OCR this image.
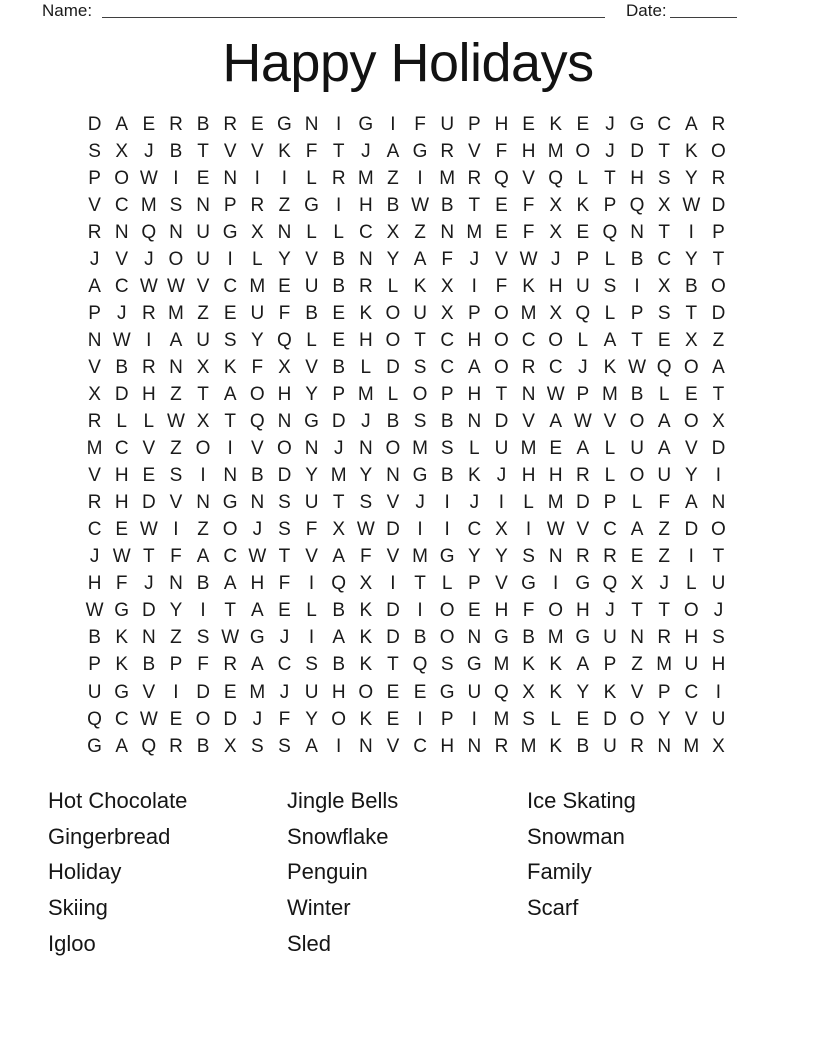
Name:	Date:
Happy Holidays
D A E R B R E G N I G I F U P H E K E J G C A R
S X J B T V V K F T J A G R V F H M O J D T K O
P O W I E N I	I	L R M Z I M R Q V Q L T H S Y R
V C M S N P R Z G I H B W B T E F X K P Q X W D
R N Q N U G X N L L C X Z N M E F X E Q N T I P
J V J O U I	L Y V B N Y A F J V W J P L B C Y T
A C W W V C M E U B R L K X I F K H U S I X B O
P J R M Z E U F B E K O U X P O M X Q L P S T D
N W I A U S Y Q L E H O T C H O C O L A T E X Z
V B R N X K F X V B L D S C A O R C J K W Q O A
X D H Z T A O H Y P M L O P H T N W P M B L E T
R L L W X T Q N G D J B S B N D V A W V O A O X
M C V Z O I V O N J N O M S L U M E A L U A V D
V H E S I N B D Y M Y N G B K J H H R L O U Y I
R H D V N G N S U T S V J	I	J	I	L M D P L F A N
C E W I Z O J S F X W D I	I C X I W V C A Z D O
J W T F A C W T V A F V M G Y Y S N R R E Z I T
H F J N B A H F I Q X I T L P V G I G Q X J L U
W G D Y I T A E L B K D I O E H F O H J T T O J
B K N Z S W G J	I A K D B O N G B M G U N R H S
P K B P F R A C S B K T Q S G M K K A P Z M U H
U G V I D E M J U H O E E G U Q X K Y K V P C I
Q C W E O D J F Y O K E I P I M S L E D O Y V U
G A Q R B X S S A I N V C H N R M K B U R N M X
Hot Chocolate
Gingerbread
Holiday
Skiing
Igloo
Jingle Bells
Snowflake
Penguin
Winter
Sled
Ice Skating
Snowman
Family
Scarf
